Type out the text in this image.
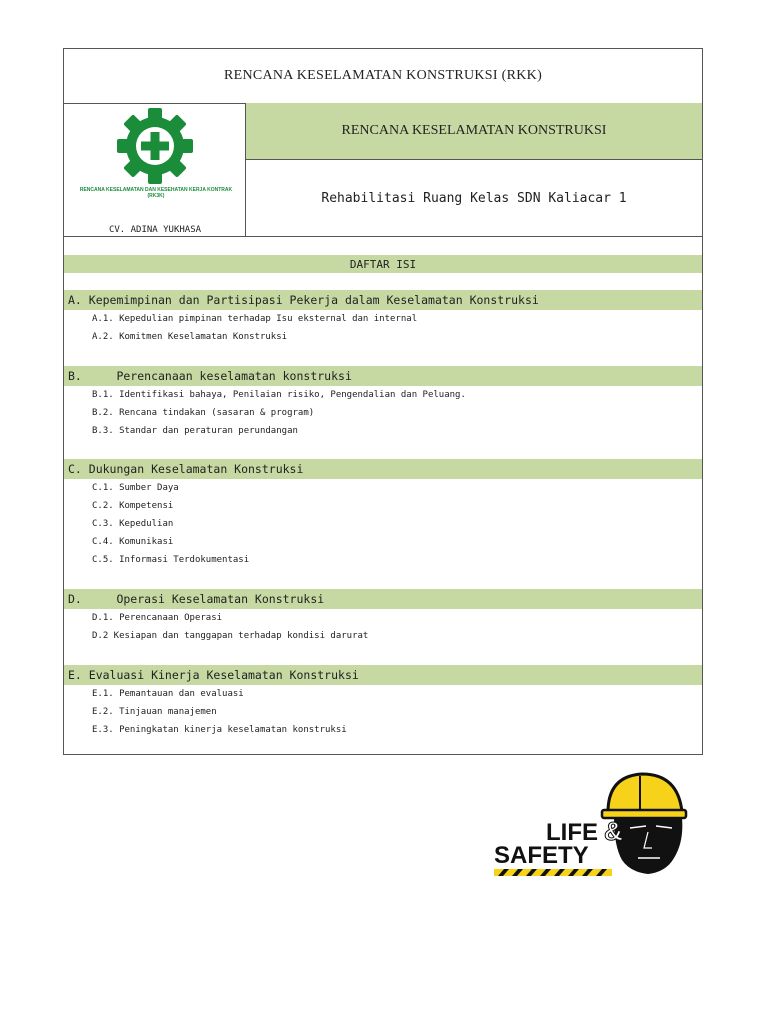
RENCANA KESELAMATAN KONSTRUKSI (RKK)
RENCANA KESELAMATAN DAN KESEHATAN KERJA KONTRAK (RK3K)
CV. ADINA YUKHASA
RENCANA KESELAMATAN KONSTRUKSI
Rehabilitasi Ruang Kelas SDN Kaliacar 1
DAFTAR ISI
A. Kepemimpinan dan Partisipasi Pekerja dalam Keselamatan Konstruksi
A.1. Kepedulian pimpinan terhadap Isu eksternal dan internal
A.2. Komitmen Keselamatan Konstruksi
B.     Perencanaan keselamatan konstruksi
B.1. Identifikasi bahaya, Penilaian risiko, Pengendalian dan Peluang.
B.2. Rencana tindakan (sasaran & program)
B.3. Standar dan peraturan perundangan
C. Dukungan Keselamatan Konstruksi
C.1. Sumber Daya
C.2. Kompetensi
C.3. Kepedulian
C.4. Komunikasi
C.5. Informasi Terdokumentasi
D.     Operasi Keselamatan Konstruksi
D.1. Perencanaan Operasi
D.2 Kesiapan dan tanggapan terhadap kondisi darurat
E. Evaluasi Kinerja Keselamatan Konstruksi
E.1. Pemantauan dan evaluasi
E.2. Tinjauan manajemen
E.3. Peningkatan kinerja keselamatan konstruksi
LIFE &
SAFETY
